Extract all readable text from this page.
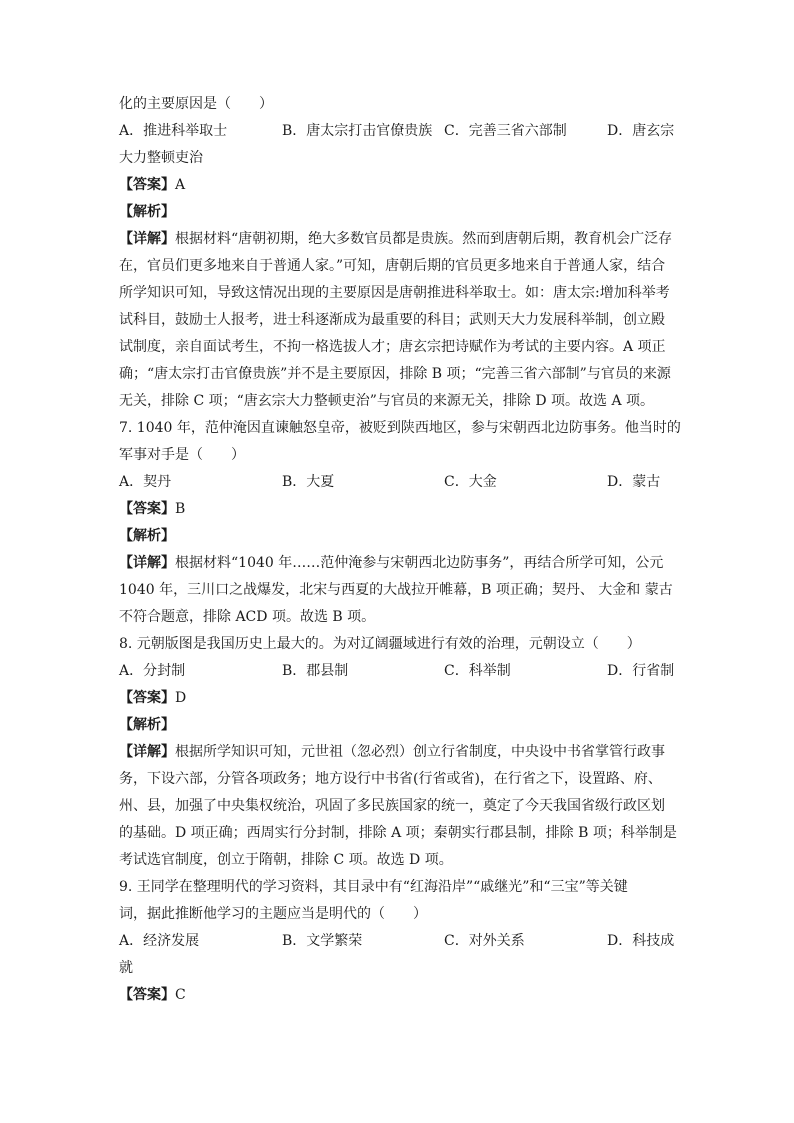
化的主要原因是（　　）
A．推进科举取士	B．唐太宗打击官僚贵族 C．完善三省六部制	D．唐玄宗
大力整顿吏治
【答案】A
【解析】
【详解】根据材料“唐朝初期，绝大多数官员都是贵族。然而到唐朝后期，教育机会广泛存
在，官员们更多地来自于普通人家。”可知，唐朝后期的官员更多地来自于普通人家，结合
所学知识可知，导致这情况出现的主要原因是唐朝推进科举取士。如：唐太宗:增加科举考
试科目，鼓励士人报考，进士科逐渐成为最重要的科目；武则天大力发展科举制，创立殿
试制度，亲自面试考生，不拘一格选拔人才；唐玄宗把诗赋作为考试的主要内容。A 项正
确；“唐太宗打击官僚贵族”并不是主要原因，排除 B 项；“完善三省六部制”与官员的来源
无关，排除 C 项；“唐玄宗大力整顿吏治”与官员的来源无关，排除 D 项。故选 A 项。
7. 1040 年，范仲淹因直谏触怒皇帝，被贬到陕西地区，参与宋朝西北边防事务。他当时的
军事对手是（　　）
A．契丹	B．大夏	C．大金	D．蒙古
【答案】B
【解析】
【详解】根据材料“1040 年……范仲淹参与宋朝西北边防事务”，再结合所学可知，公元
1040 年，三川口之战爆发，北宋与西夏的大战拉开帷幕，B 项正确；契丹、 大金和 蒙古
不符合题意，排除 ACD 项。故选 B 项。
8. 元朝版图是我国历史上最大的。为对辽阔疆域进行有效的治理，元朝设立（　　）
A．分封制	B．郡县制	C．科举制	D．行省制
【答案】D
【解析】
【详解】根据所学知识可知，元世祖（忽必烈）创立行省制度，中央设中书省掌管行政事
务，下设六部，分管各项政务；地方设行中书省(行省或省)，在行省之下，设置路、府、
州、县，加强了中央集权统治，巩固了多民族国家的统一，奠定了今天我国省级行政区划
的基础。D 项正确；西周实行分封制，排除 A 项；秦朝实行郡县制，排除 B 项；科举制是
考试选官制度，创立于隋朝，排除 C 项。故选 D 项。
9. 王同学在整理明代的学习资料，其目录中有“红海沿岸”“戚继光”和“三宝”等关键
词，据此推断他学习的主题应当是明代的（　　）
A．经济发展	B．文学繁荣	C．对外关系	D．科技成
就
【答案】C
